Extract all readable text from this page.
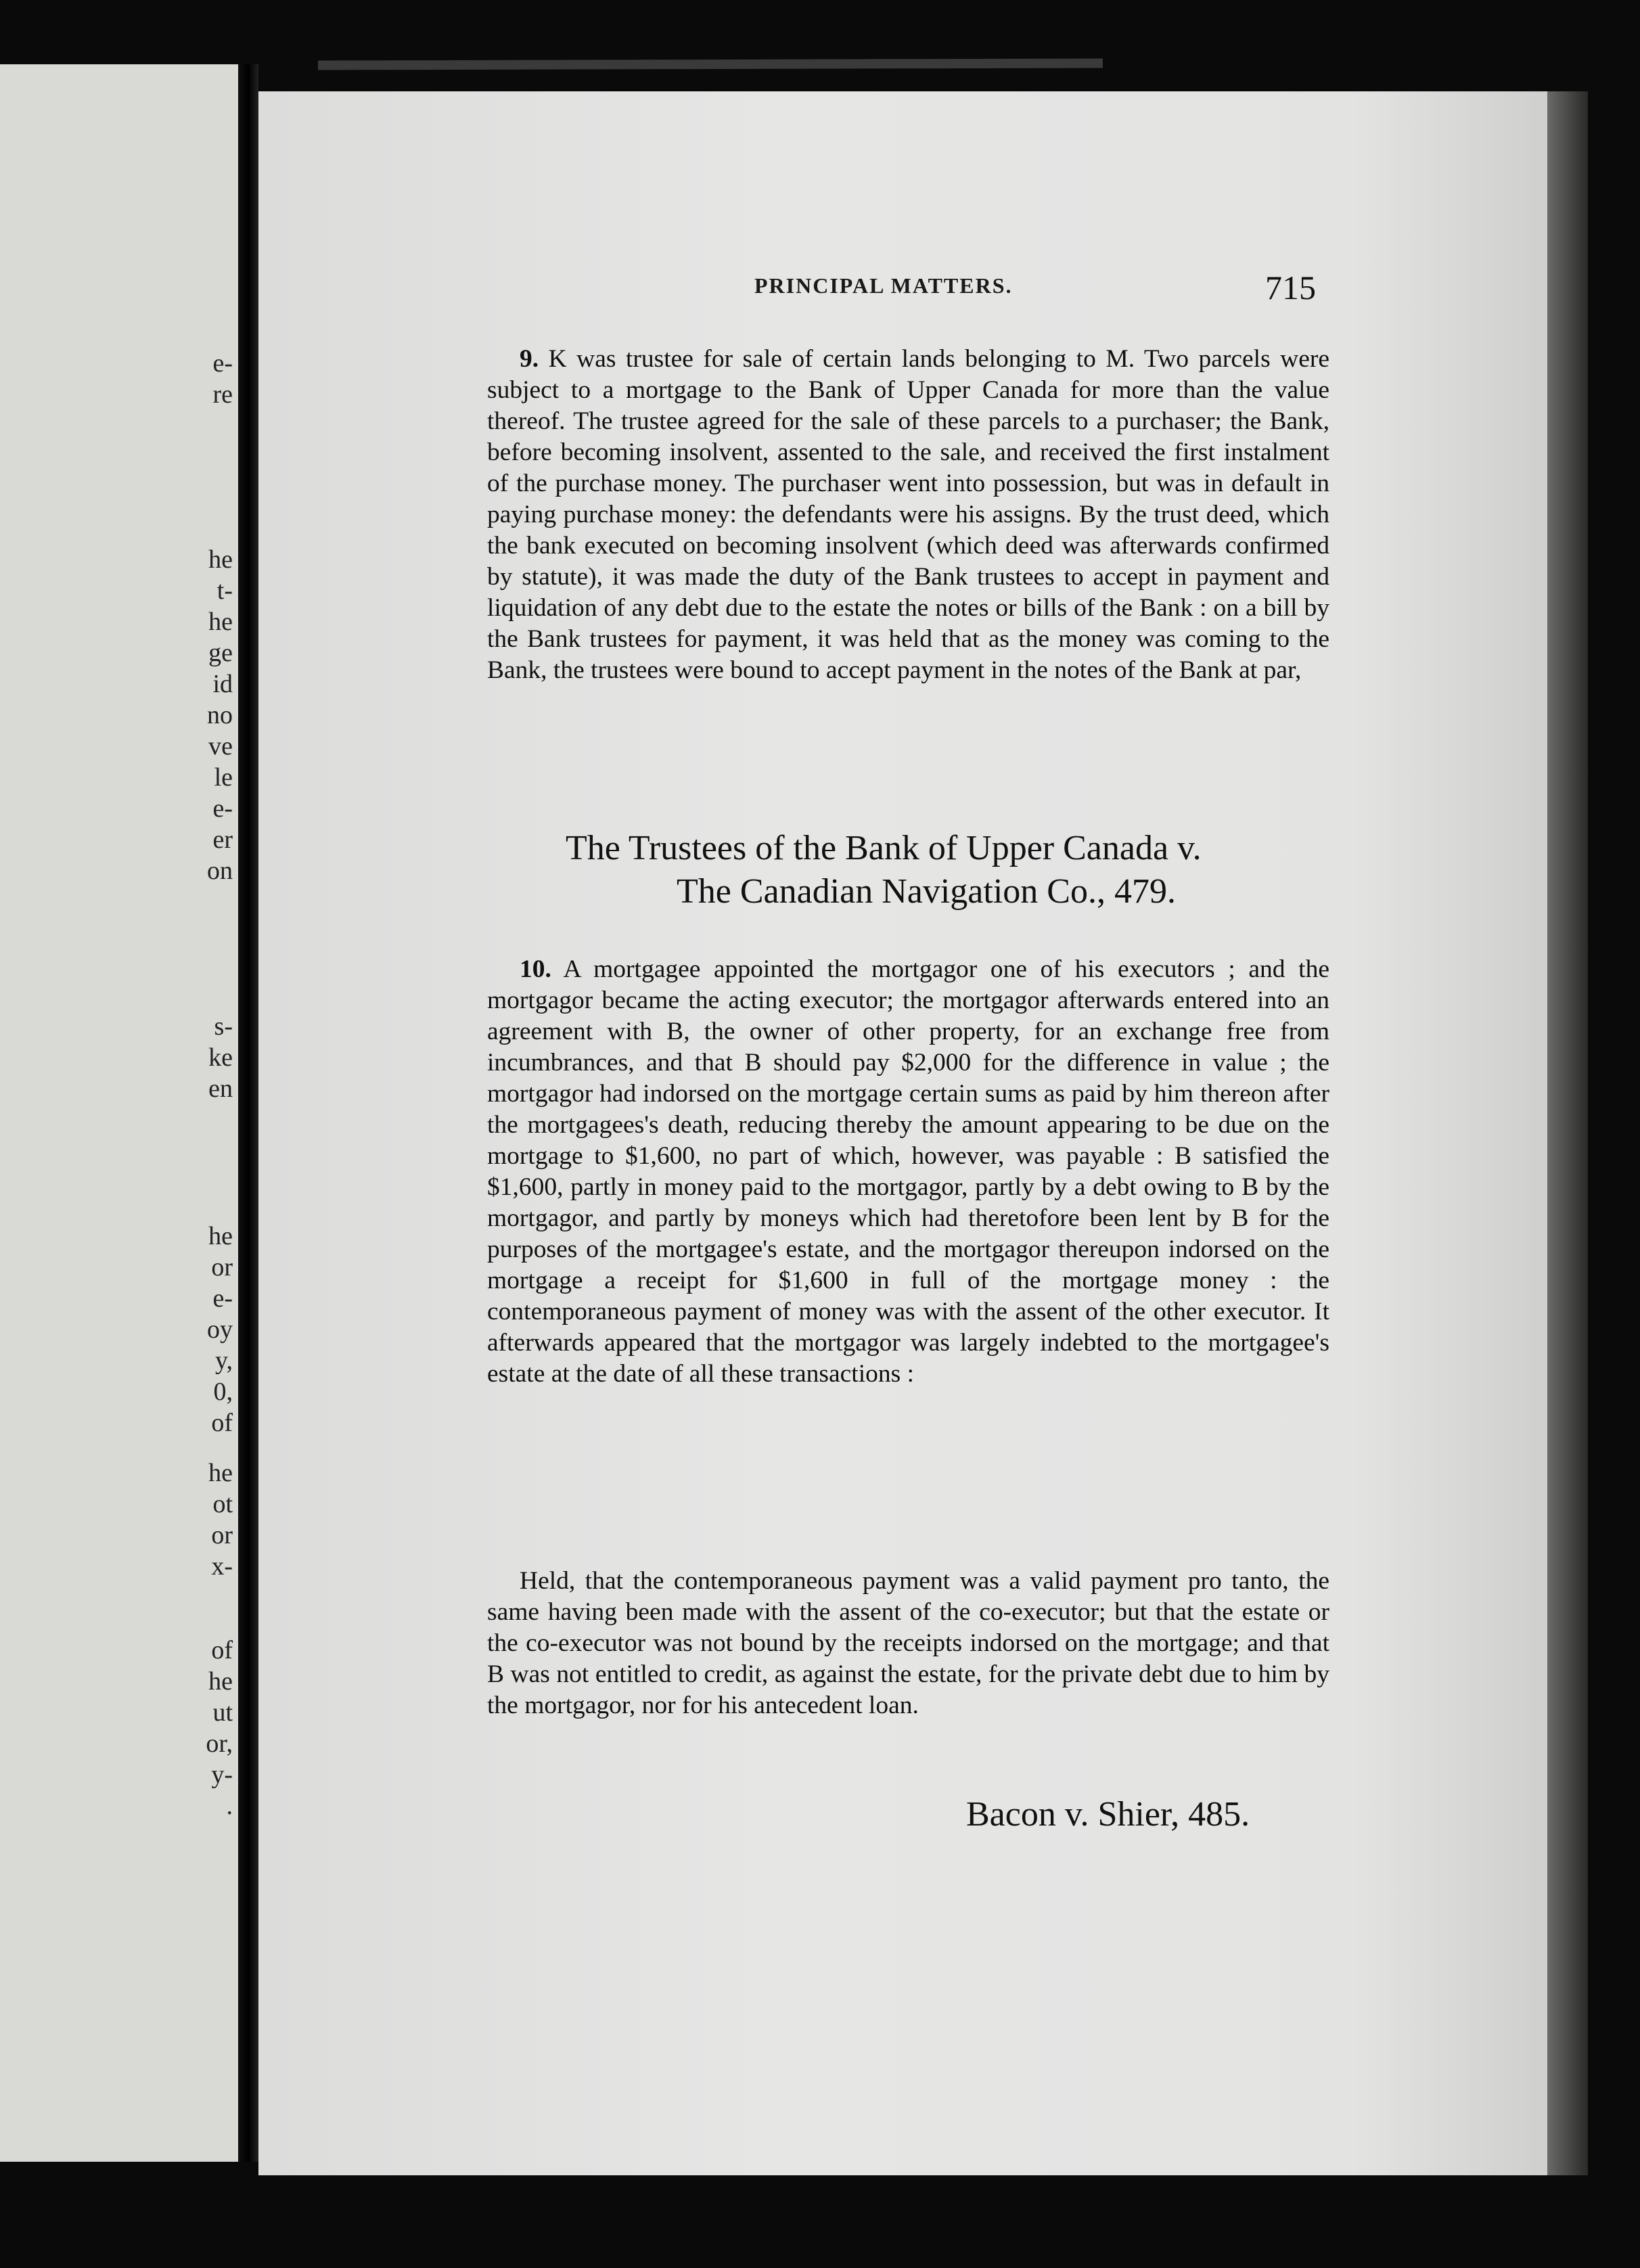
e-
re
he
t-
he
ge
id
no
ve
le
e-
er
on
s-
ke
en
he
or
e-
oy
y,
0,
of
he
ot
or
x-
of
he
ut
or,
y-
.
PRINCIPAL MATTERS.	715

9. K was trustee for sale of certain lands belonging to M. Two parcels were subject to a mortgage to the Bank of Upper Canada for more than the value thereof. The trustee agreed for the sale of these parcels to a purchaser; the Bank, before becoming insolvent, assented to the sale, and received the first instalment of the purchase money. The purchaser went into possession, but was in default in paying purchase money: the defendants were his assigns. By the trust deed, which the bank executed on becoming insolvent (which deed was afterwards confirmed by statute), it was made the duty of the Bank trustees to accept in payment and liquidation of any debt due to the estate the notes or bills of the Bank : on a bill by the Bank trustees for payment, it was held that as the money was coming to the Bank, the trustees were bound to accept payment in the notes of the Bank at par,

The Trustees of the Bank of Upper Canada v.
The Canadian Navigation Co., 479.

10. A mortgagee appointed the mortgagor one of his executors ; and the mortgagor became the acting executor; the mortgagor afterwards entered into an agreement with B, the owner of other property, for an exchange free from incumbrances, and that B should pay $2,000 for the difference in value ; the mortgagor had indorsed on the mortgage certain sums as paid by him thereon after the mortgagees's death, reducing thereby the amount appearing to be due on the mortgage to $1,600, no part of which, however, was payable : B satisfied the $1,600, partly in money paid to the mortgagor, partly by a debt owing to B by the mortgagor, and partly by moneys which had theretofore been lent by B for the purposes of the mortgagee's estate, and the mortgagor thereupon indorsed on the mortgage a receipt for $1,600 in full of the mortgage money : the contemporaneous payment of money was with the assent of the other executor. It afterwards appeared that the mortgagor was largely indebted to the mortgagee's estate at the date of all these transactions :

Held, that the contemporaneous payment was a valid payment pro tanto, the same having been made with the assent of the co-executor; but that the estate or the co-executor was not bound by the receipts indorsed on the mortgage; and that B was not entitled to credit, as against the estate, for the private debt due to him by the mortgagor, nor for his antecedent loan.

Bacon v. Shier, 485.
